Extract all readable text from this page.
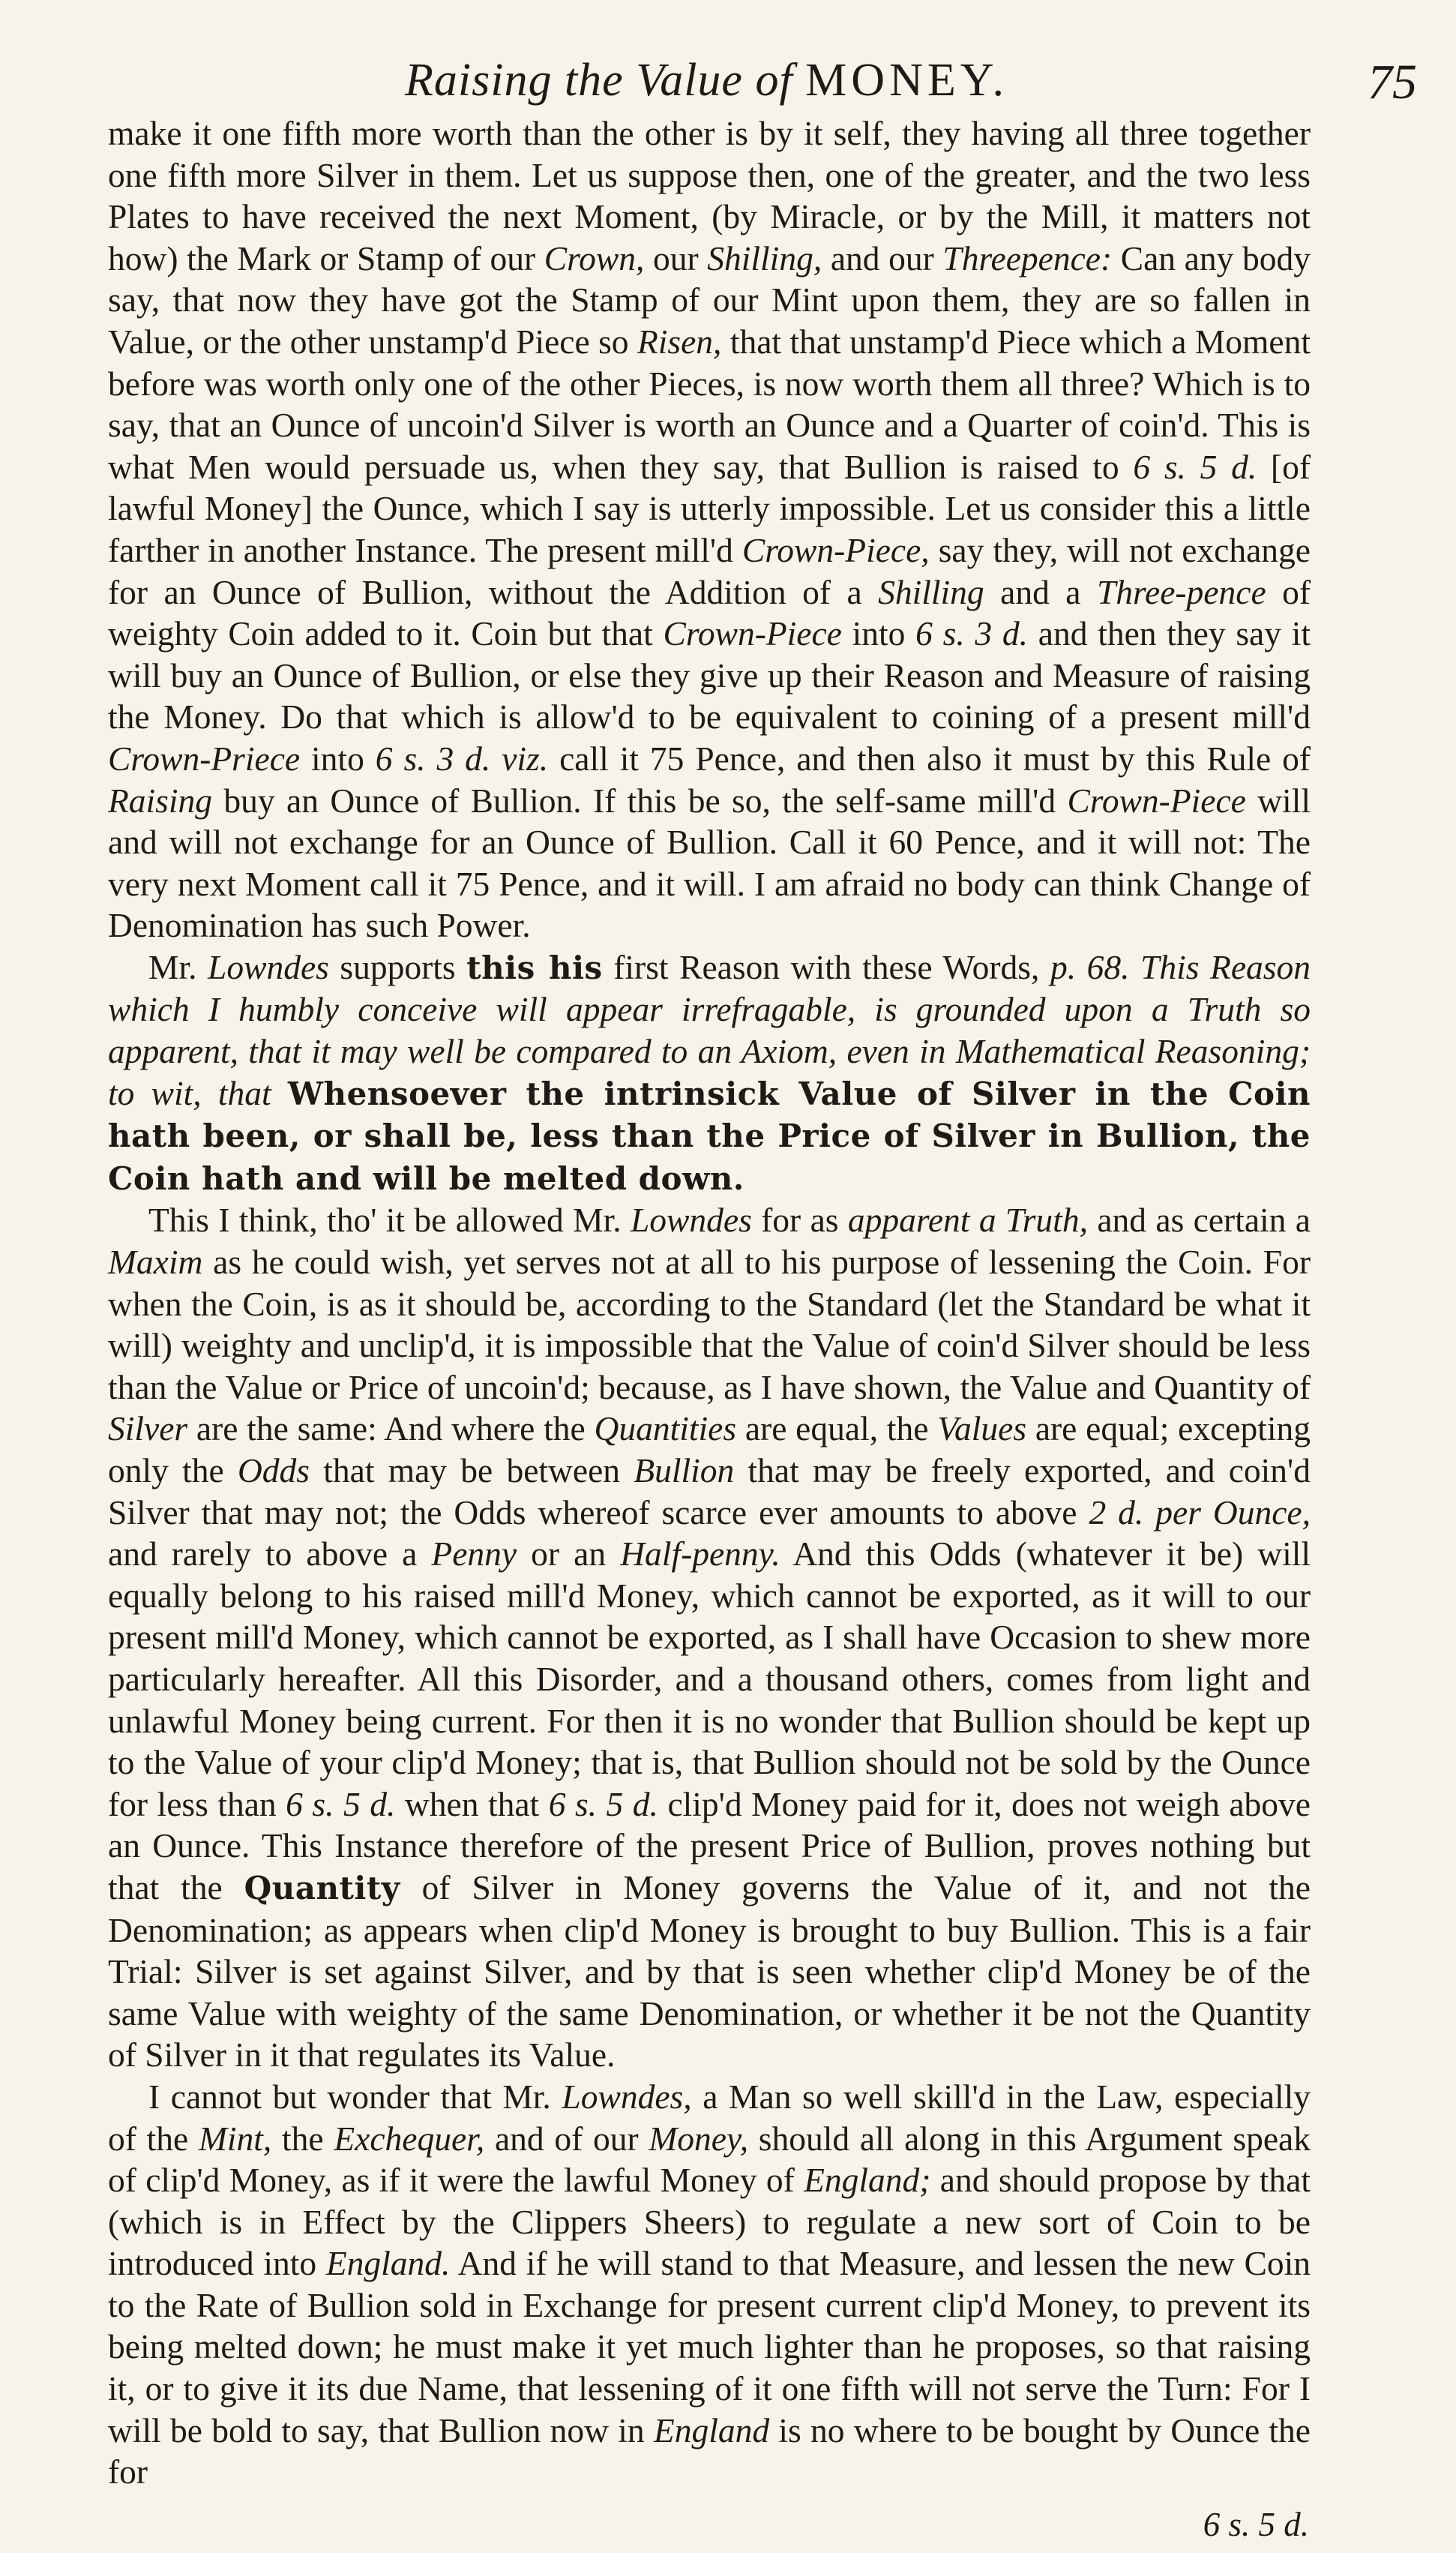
Raising the Value of MONEY.	75

make it one fifth more worth than the other is by it self, they having all three together one fifth more Silver in them. Let us suppose then, one of the greater, and the two less Plates to have received the next Moment, (by Miracle, or by the Mill, it matters not how) the Mark or Stamp of our Crown, our Shilling, and our Threepence: Can any body say, that now they have got the Stamp of our Mint upon them, they are so fallen in Value, or the other unstamp'd Piece so Risen, that that unstamp'd Piece which a Moment before was worth only one of the other Pieces, is now worth them all three? Which is to say, that an Ounce of uncoin'd Silver is worth an Ounce and a Quarter of coin'd. This is what Men would persuade us, when they say, that Bullion is raised to 6 s. 5 d. [of lawful Money] the Ounce, which I say is utterly impossible. Let us consider this a little farther in another Instance. The present mill'd Crown-Piece, say they, will not exchange for an Ounce of Bullion, without the Addition of a Shilling and a Three-pence of weighty Coin added to it. Coin but that Crown-Piece into 6 s. 3 d. and then they say it will buy an Ounce of Bullion, or else they give up their Reason and Measure of raising the Money. Do that which is allow'd to be equivalent to coining of a present mill'd Crown-Priece into 6 s. 3 d. viz. call it 75 Pence, and then also it must by this Rule of Raising buy an Ounce of Bullion. If this be so, the self-same mill'd Crown-Piece will and will not exchange for an Ounce of Bullion. Call it 60 Pence, and it will not: The very next Moment call it 75 Pence, and it will. I am afraid no body can think Change of Denomination has such Power.

Mr. Lowndes supports this his first Reason with these Words, p. 68. This Reason which I humbly conceive will appear irrefragable, is grounded upon a Truth so apparent, that it may well be compared to an Axiom, even in Mathematical Reasoning; to wit, that Whensoever the intrinsick Value of Silver in the Coin hath been, or shall be, less than the Price of Silver in Bullion, the Coin hath and will be melted down.

This I think, tho' it be allowed Mr. Lowndes for as apparent a Truth, and as certain a Maxim as he could wish, yet serves not at all to his purpose of lessening the Coin. For when the Coin, is as it should be, according to the Standard (let the Standard be what it will) weighty and unclip'd, it is impossible that the Value of coin'd Silver should be less than the Value or Price of uncoin'd; because, as I have shown, the Value and Quantity of Silver are the same: And where the Quantities are equal, the Values are equal; excepting only the Odds that may be between Bullion that may be freely exported, and coin'd Silver that may not; the Odds whereof scarce ever amounts to above 2 d. per Ounce, and rarely to above a Penny or an Half-penny. And this Odds (whatever it be) will equally belong to his raised mill'd Money, which cannot be exported, as it will to our present mill'd Money, which cannot be exported, as I shall have Occasion to shew more particularly hereafter. All this Disorder, and a thousand others, comes from light and unlawful Money being current. For then it is no wonder that Bullion should be kept up to the Value of your clip'd Money; that is, that Bullion should not be sold by the Ounce for less than 6 s. 5 d. when that 6 s. 5 d. clip'd Money paid for it, does not weigh above an Ounce. This Instance therefore of the present Price of Bullion, proves nothing but that the Quantity of Silver in Money governs the Value of it, and not the Denomination; as appears when clip'd Money is brought to buy Bullion. This is a fair Trial: Silver is set against Silver, and by that is seen whether clip'd Money be of the same Value with weighty of the same Denomination, or whether it be not the Quantity of Silver in it that regulates its Value.

I cannot but wonder that Mr. Lowndes, a Man so well skill'd in the Law, especially of the Mint, the Exchequer, and of our Money, should all along in this Argument speak of clip'd Money, as if it were the lawful Money of England; and should propose by that (which is in Effect by the Clippers Sheers) to regulate a new sort of Coin to be introduced into England. And if he will stand to that Measure, and lessen the new Coin to the Rate of Bullion sold in Exchange for present current clip'd Money, to prevent its being melted down; he must make it yet much lighter than he proposes, so that raising it, or to give it its due Name, that lessening of it one fifth will not serve the Turn: For I will be bold to say, that Bullion now in England is no where to be bought by Ounce the for

6 s. 5 d.
